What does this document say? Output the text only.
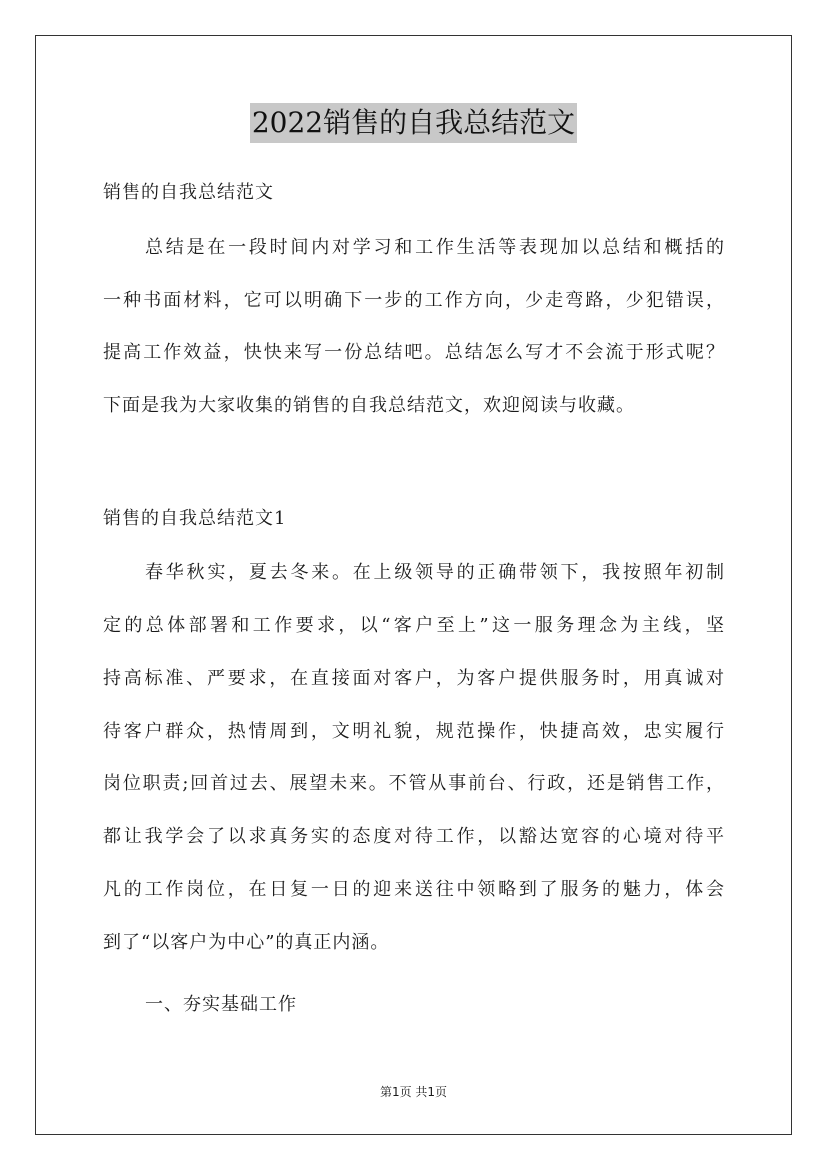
2022销售的自我总结范文
销售的自我总结范文
总结是在一段时间内对学习和工作生活等表现加以总结和概括的
一种书面材料，它可以明确下一步的工作方向，少走弯路，少犯错误，
提高工作效益，快快来写一份总结吧。总结怎么写才不会流于形式呢？
下面是我为大家收集的销售的自我总结范文，欢迎阅读与收藏。
销售的自我总结范文1
春华秋实，夏去冬来。在上级领导的正确带领下，我按照年初制
定的总体部署和工作要求，以“客户至上”这一服务理念为主线，坚
持高标准、严要求，在直接面对客户，为客户提供服务时，用真诚对
待客户群众，热情周到，文明礼貌，规范操作，快捷高效，忠实履行
岗位职责;回首过去、展望未来。不管从事前台、行政，还是销售工作，
都让我学会了以求真务实的态度对待工作，以豁达宽容的心境对待平
凡的工作岗位，在日复一日的迎来送往中领略到了服务的魅力，体会
到了“以客户为中心”的真正内涵。
一、夯实基础工作
第1页 共1页
